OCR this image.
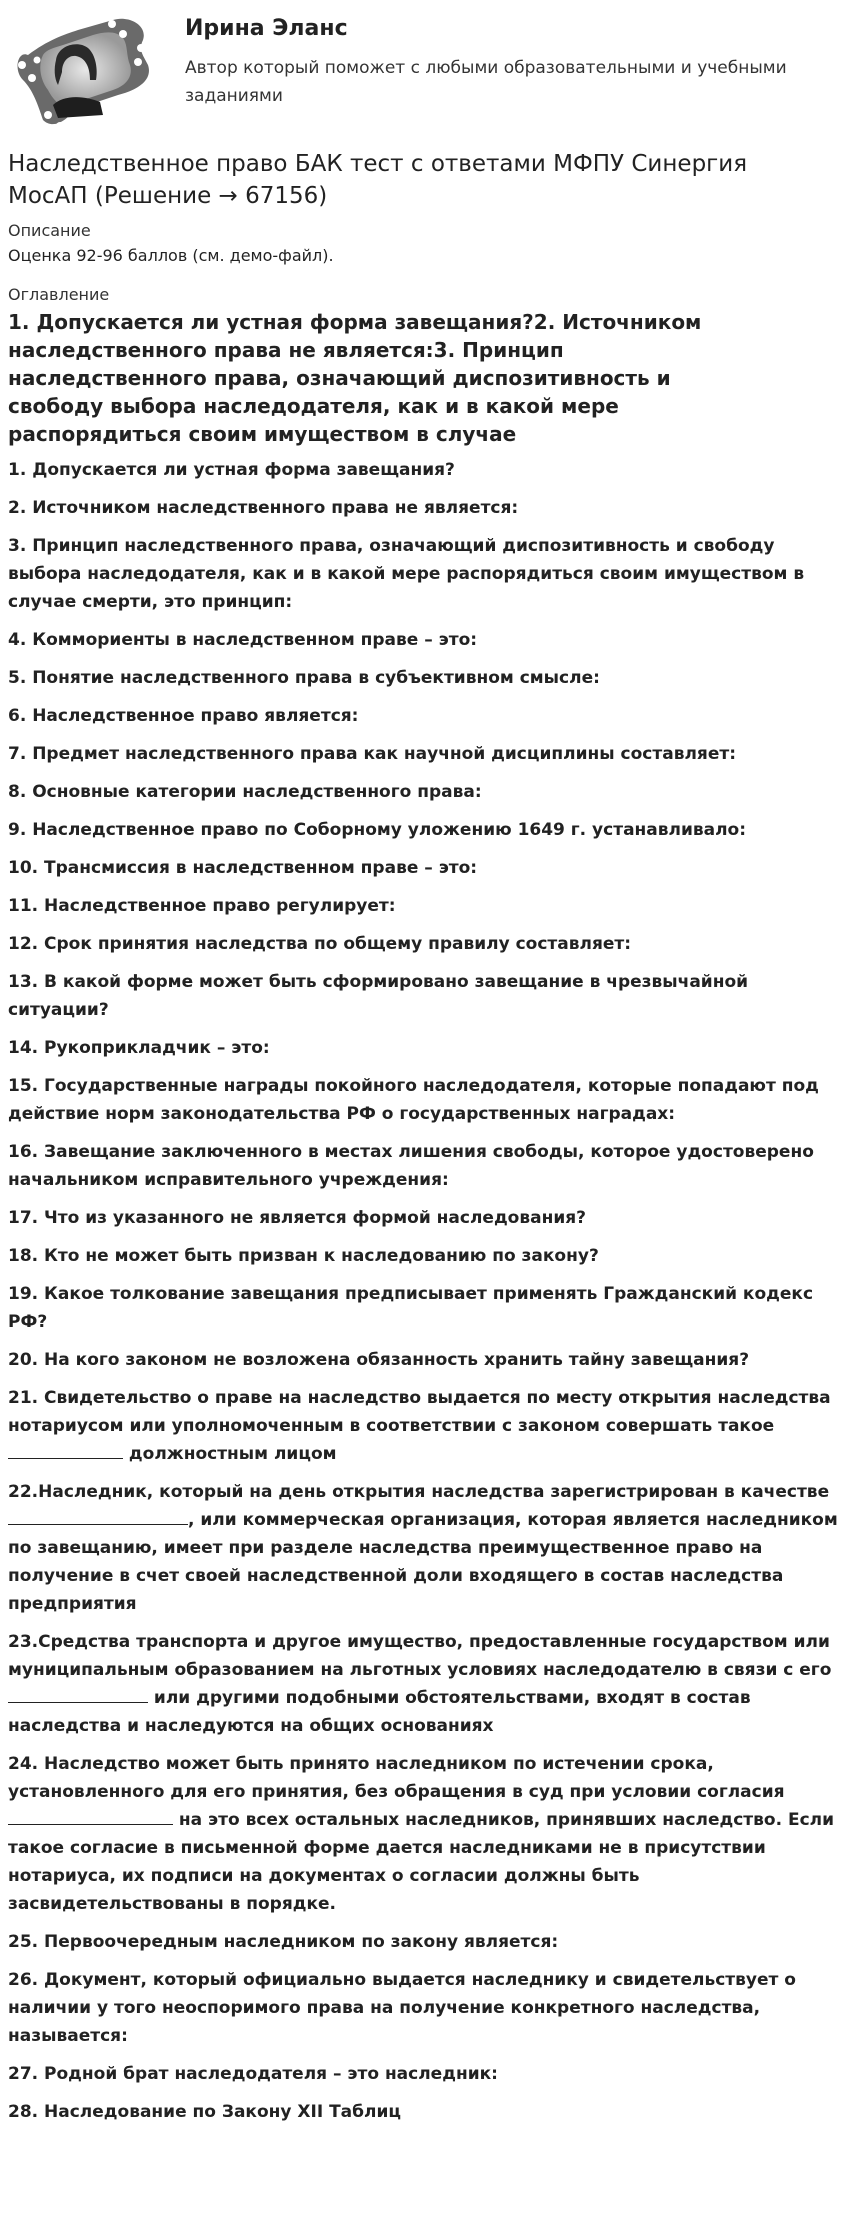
Ирина Эланс
Автор который поможет с любыми образовательными и учебными заданиями
Наследственное право БАК тест с ответами МФПУ Синергия МосАП (Решение → 67156)
Описание
Оценка 92-96 баллов (см. демо-файл).
Оглавление
1. Допускается ли устная форма завещания?2. Источником наследственного права не является:3. Принцип наследственного права, означающий диспозитивность и свободу выбора наследодателя, как и в какой мере распорядиться своим имуществом в случае

1. Допускается ли устная форма завещания?

2. Источником наследственного права не является:

3. Принцип наследственного права, означающий диспозитивность и свободу выбора наследодателя, как и в какой мере распорядиться своим имуществом в случае смерти, это принцип:

4. Коммориенты в наследственном праве – это:

5. Понятие наследственного права в субъективном смысле:

6. Наследственное право является:

7. Предмет наследственного права как научной дисциплины составляет:

8. Основные категории наследственного права:

9. Наследственное право по Соборному уложению 1649 г. устанавливало:

10. Трансмиссия в наследственном праве – это:

11. Наследственное право регулирует:

12. Срок принятия наследства по общему правилу составляет:

13. В какой форме может быть сформировано завещание в чрезвычайной ситуации?

14. Рукоприкладчик – это:

15. Государственные награды покойного наследодателя, которые попадают под действие норм законодательства РФ о государственных наградах:

16. Завещание заключенного в местах лишения свободы, которое удостоверено начальником исправительного учреждения:

17. Что из указанного не является формой наследования?

18. Кто не может быть призван к наследованию по закону?

19. Какое толкование завещания предписывает применять Гражданский кодекс РФ?

20. На кого законом не возложена обязанность хранить тайну завещания?

21. Свидетельство о праве на наследство выдается по месту открытия наследства нотариусом или уполномоченным в соответствии с законом совершать такое  должностным лицом

22.Наследник, который на день открытия наследства зарегистрирован в качестве , или коммерческая организация, которая является наследником по завещанию, имеет при разделе наследства преимущественное право на получение в счет своей наследственной доли входящего в состав наследства предприятия

23.Средства транспорта и другое имущество, предоставленные государством или муниципальным образованием на льготных условиях наследодателю в связи с его  или другими подобными обстоятельствами, входят в состав наследства и наследуются на общих основаниях

24. Наследство может быть принято наследником по истечении срока, установленного для его принятия, без обращения в суд при условии согласия  на это всех остальных наследников, принявших наследство. Если такое согласие в письменной форме дается наследниками не в присутствии нотариуса, их подписи на документах о согласии должны быть засвидетельствованы в порядке.

25. Первоочередным наследником по закону является:

26. Документ, который официально выдается наследнику и свидетельствует о наличии у того неоспоримого права на получение конкретного наследства, называется:

27. Родной брат наследодателя – это наследник:

28. Наследование по Закону XII Таблиц
